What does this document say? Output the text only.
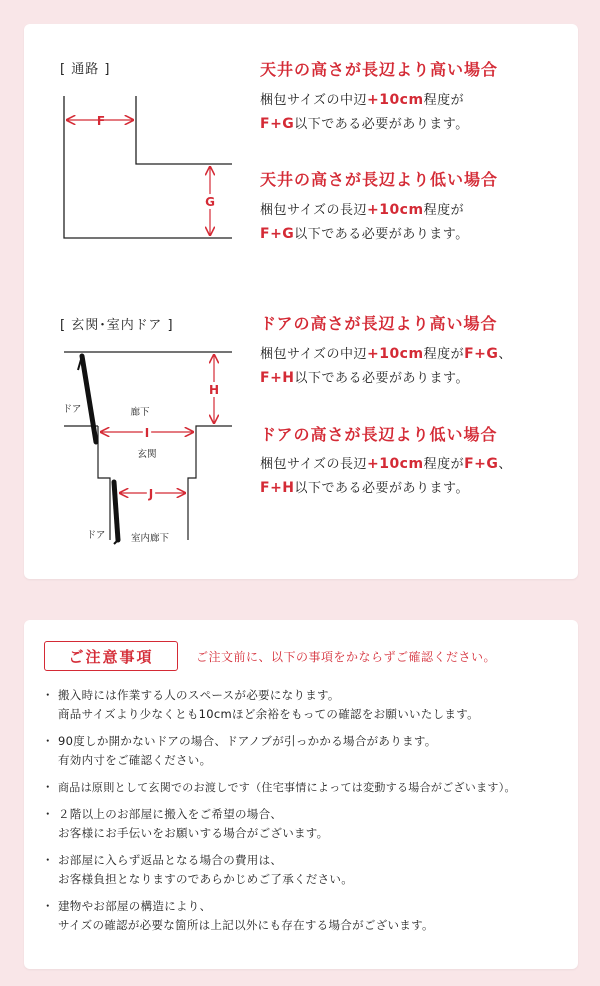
[ 通路 ]
F
G
天井の高さが長辺より高い場合
梱包サイズの中辺+10cm程度が
F+G以下である必要があります。
天井の高さが長辺より低い場合
梱包サイズの長辺+10cm程度が
F+G以下である必要があります。
[ 玄関･室内ドア ]
H
I
J
ドア	廊下
玄関
ドア	室内廊下
ドアの高さが長辺より高い場合
梱包サイズの中辺+10cm程度がF+G、
F+H以下である必要があります。
ドアの高さが長辺より低い場合
梱包サイズの長辺+10cm程度がF+G、
F+H以下である必要があります。
ご注意事項	ご注文前に、以下の事項をかならずご確認ください。
・ 搬入時には作業する人のスペースが必要になります。
商品サイズより少なくとも10cmほど余裕をもっての確認をお願いいたします。
・ 90度しか開かないドアの場合、ドアノブが引っかかる場合があります。
有効内寸をご確認ください。
・ 商品は原則として玄関でのお渡しです（住宅事情によっては変動する場合がございます）。
・ ２階以上のお部屋に搬入をご希望の場合、
お客様にお手伝いをお願いする場合がございます。
・ お部屋に入らず返品となる場合の費用は、
お客様負担となりますのであらかじめご了承ください。
・ 建物やお部屋の構造により、
サイズの確認が必要な箇所は上記以外にも存在する場合がございます。
